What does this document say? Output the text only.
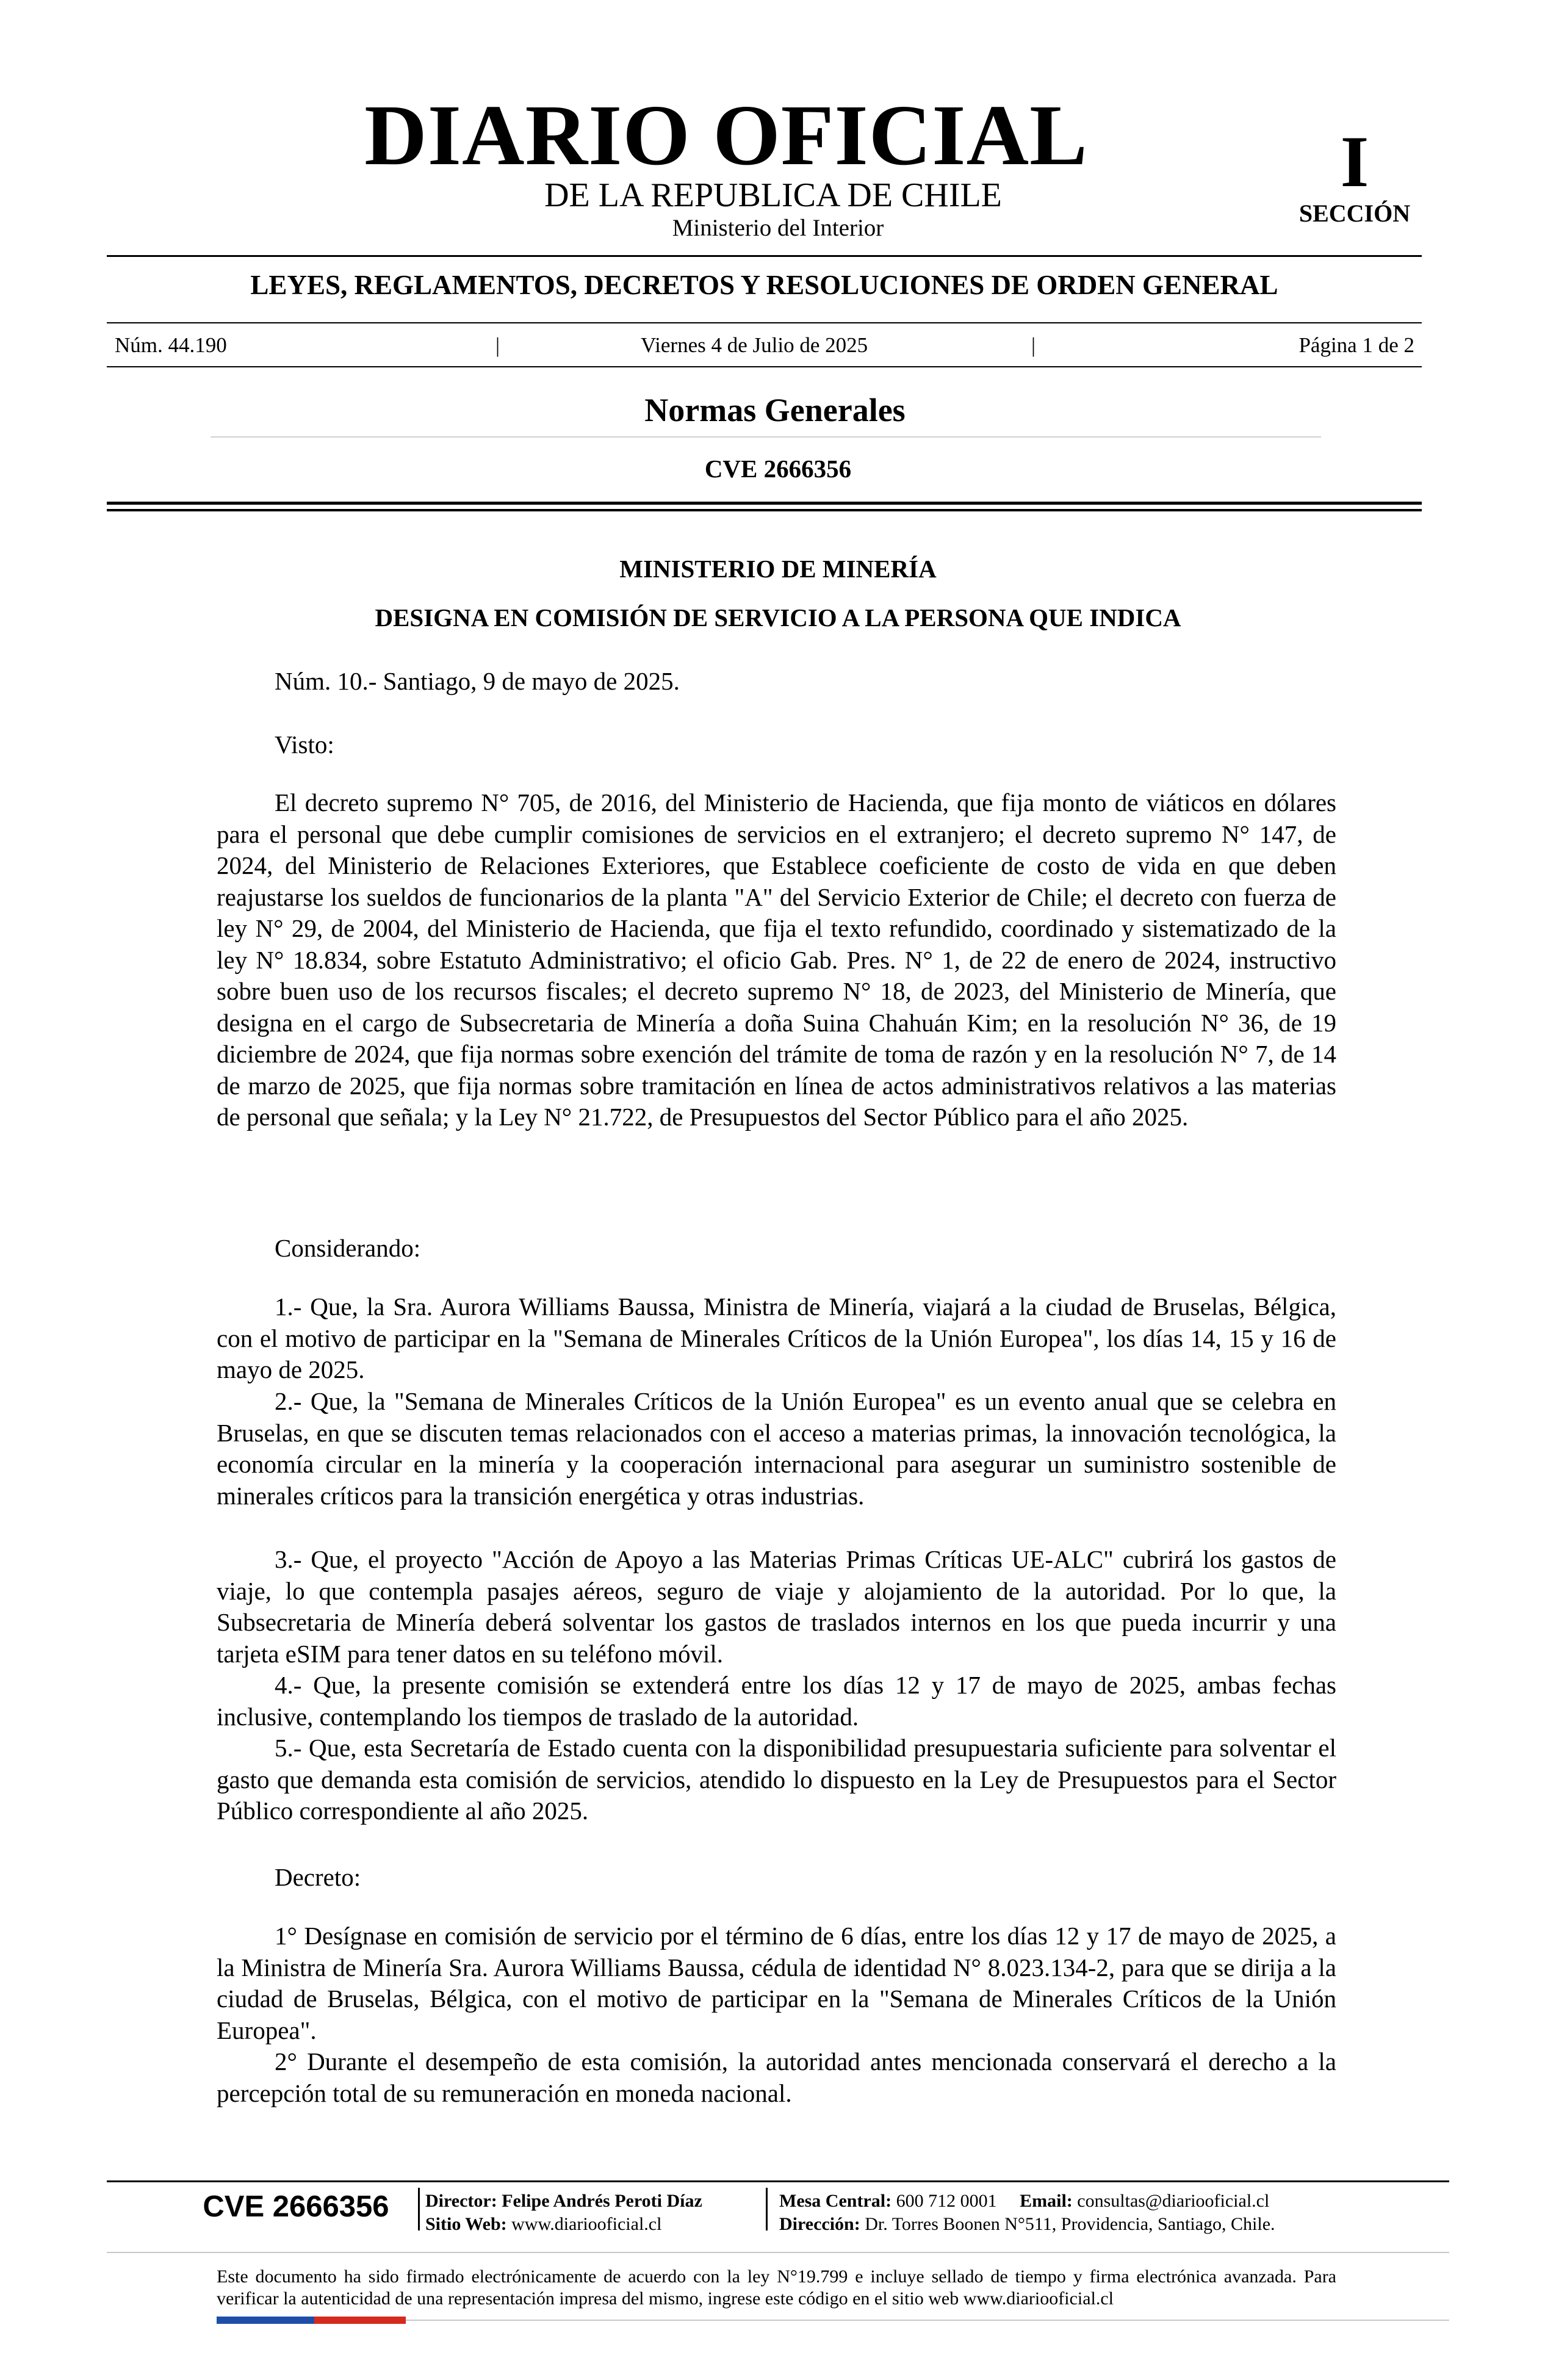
DIARIO OFICIAL
DE LA REPUBLICA DE CHILE
Ministerio del Interior
I
SECCIÓN
LEYES, REGLAMENTOS, DECRETOS Y RESOLUCIONES DE ORDEN GENERAL
Núm. 44.190	|	Viernes 4 de Julio de 2025	|	Página 1 de 2
Normas Generales
CVE 2666356
MINISTERIO DE MINERÍA
DESIGNA EN COMISIÓN DE SERVICIO A LA PERSONA QUE INDICA
Núm. 10.- Santiago, 9 de mayo de 2025.
Visto:
El decreto supremo N° 705, de 2016, del Ministerio de Hacienda, que fija monto de viáticos en dólares para el personal que debe cumplir comisiones de servicios en el extranjero; el decreto supremo N° 147, de 2024, del Ministerio de Relaciones Exteriores, que Establece coeficiente de costo de vida en que deben reajustarse los sueldos de funcionarios de la planta "A" del Servicio Exterior de Chile; el decreto con fuerza de ley N° 29, de 2004, del Ministerio de Hacienda, que fija el texto refundido, coordinado y sistematizado de la ley N° 18.834, sobre Estatuto Administrativo; el oficio Gab. Pres. N° 1, de 22 de enero de 2024, instructivo sobre buen uso de los recursos fiscales; el decreto supremo N° 18, de 2023, del Ministerio de Minería, que designa en el cargo de Subsecretaria de Minería a doña Suina Chahuán Kim; en la resolución N° 36, de 19 diciembre de 2024, que fija normas sobre exención del trámite de toma de razón y en la resolución N° 7, de 14 de marzo de 2025, que fija normas sobre tramitación en línea de actos administrativos relativos a las materias de personal que señala; y la Ley N° 21.722, de Presupuestos del Sector Público para el año 2025.
Considerando:
1.- Que, la Sra. Aurora Williams Baussa, Ministra de Minería, viajará a la ciudad de Bruselas, Bélgica, con el motivo de participar en la "Semana de Minerales Críticos de la Unión Europea", los días 14, 15 y 16 de mayo de 2025.
2.- Que, la "Semana de Minerales Críticos de la Unión Europea" es un evento anual que se celebra en Bruselas, en que se discuten temas relacionados con el acceso a materias primas, la innovación tecnológica, la economía circular en la minería y la cooperación internacional para asegurar un suministro sostenible de minerales críticos para la transición energética y otras industrias.
3.- Que, el proyecto "Acción de Apoyo a las Materias Primas Críticas UE-ALC" cubrirá los gastos de viaje, lo que contempla pasajes aéreos, seguro de viaje y alojamiento de la autoridad. Por lo que, la Subsecretaria de Minería deberá solventar los gastos de traslados internos en los que pueda incurrir y una tarjeta eSIM para tener datos en su teléfono móvil.
4.- Que, la presente comisión se extenderá entre los días 12 y 17 de mayo de 2025, ambas fechas inclusive, contemplando los tiempos de traslado de la autoridad.
5.- Que, esta Secretaría de Estado cuenta con la disponibilidad presupuestaria suficiente para solventar el gasto que demanda esta comisión de servicios, atendido lo dispuesto en la Ley de Presupuestos para el Sector Público correspondiente al año 2025.
Decreto:
1° Desígnase en comisión de servicio por el término de 6 días, entre los días 12 y 17 de mayo de 2025, a la Ministra de Minería Sra. Aurora Williams Baussa, cédula de identidad N° 8.023.134-2, para que se dirija a la ciudad de Bruselas, Bélgica, con el motivo de participar en la "Semana de Minerales Críticos de la Unión Europea".
2° Durante el desempeño de esta comisión, la autoridad antes mencionada conservará el derecho a la percepción total de su remuneración en moneda nacional.
CVE 2666356	Director: Felipe Andrés Peroti Díaz
Sitio Web: www.diariooficial.cl
Mesa Central: 600 712 0001 Email: consultas@diariooficial.cl
Dirección: Dr. Torres Boonen N°511, Providencia, Santiago, Chile.
Este documento ha sido firmado electrónicamente de acuerdo con la ley N°19.799 e incluye sellado de tiempo y firma electrónica avanzada. Para verificar la autenticidad de una representación impresa del mismo, ingrese este código en el sitio web www.diariooficial.cl
